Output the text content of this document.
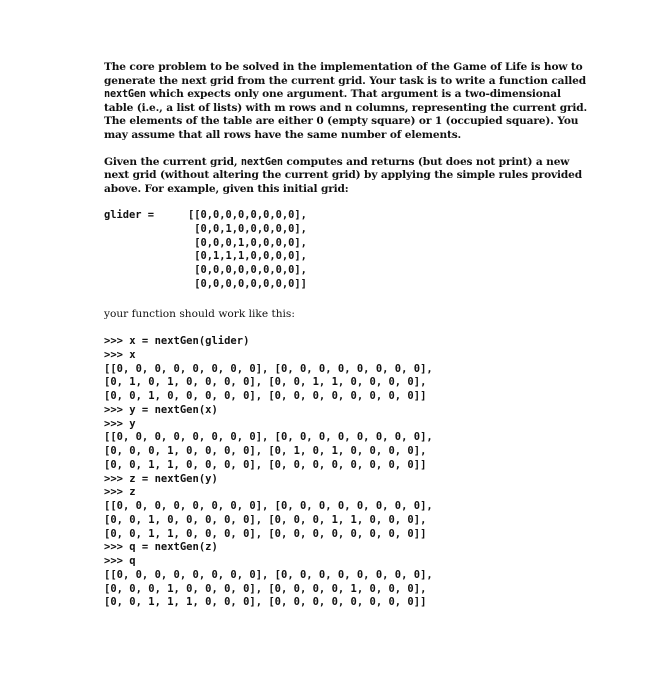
The core problem to be solved in the implementation of the Game of Life is how to
generate the next grid from the current grid. Your task is to write a function called
nextGen which expects only one argument. That argument is a two-dimensional
table (i.e., a list of lists) with m rows and n columns, representing the current grid.
The elements of the table are either 0 (empty square) or 1 (occupied square). You
may assume that all rows have the same number of elements.
Given the current grid, nextGen computes and returns (but does not print) a new
next grid (without altering the current grid) by applying the simple rules provided
above. For example, given this initial grid:
glider =	[[0,0,0,0,0,0,0,0],
[0,0,1,0,0,0,0,0],
[0,0,0,1,0,0,0,0],
[0,1,1,1,0,0,0,0],
[0,0,0,0,0,0,0,0],
[0,0,0,0,0,0,0,0]]
your function should work like this:
>>> x = nextGen(glider)
>>> x
[[0, 0, 0, 0, 0, 0, 0, 0], [0, 0, 0, 0, 0, 0, 0, 0],
[0, 1, 0, 1, 0, 0, 0, 0], [0, 0, 1, 1, 0, 0, 0, 0],
[0, 0, 1, 0, 0, 0, 0, 0], [0, 0, 0, 0, 0, 0, 0, 0]]
>>> y = nextGen(x)
>>> y
[[0, 0, 0, 0, 0, 0, 0, 0], [0, 0, 0, 0, 0, 0, 0, 0],
[0, 0, 0, 1, 0, 0, 0, 0], [0, 1, 0, 1, 0, 0, 0, 0],
[0, 0, 1, 1, 0, 0, 0, 0], [0, 0, 0, 0, 0, 0, 0, 0]]
>>> z = nextGen(y)
>>> z
[[0, 0, 0, 0, 0, 0, 0, 0], [0, 0, 0, 0, 0, 0, 0, 0],
[0, 0, 1, 0, 0, 0, 0, 0], [0, 0, 0, 1, 1, 0, 0, 0],
[0, 0, 1, 1, 0, 0, 0, 0], [0, 0, 0, 0, 0, 0, 0, 0]]
>>> q = nextGen(z)
>>> q
[[0, 0, 0, 0, 0, 0, 0, 0], [0, 0, 0, 0, 0, 0, 0, 0],
[0, 0, 0, 1, 0, 0, 0, 0], [0, 0, 0, 0, 1, 0, 0, 0],
[0, 0, 1, 1, 1, 0, 0, 0], [0, 0, 0, 0, 0, 0, 0, 0]]
